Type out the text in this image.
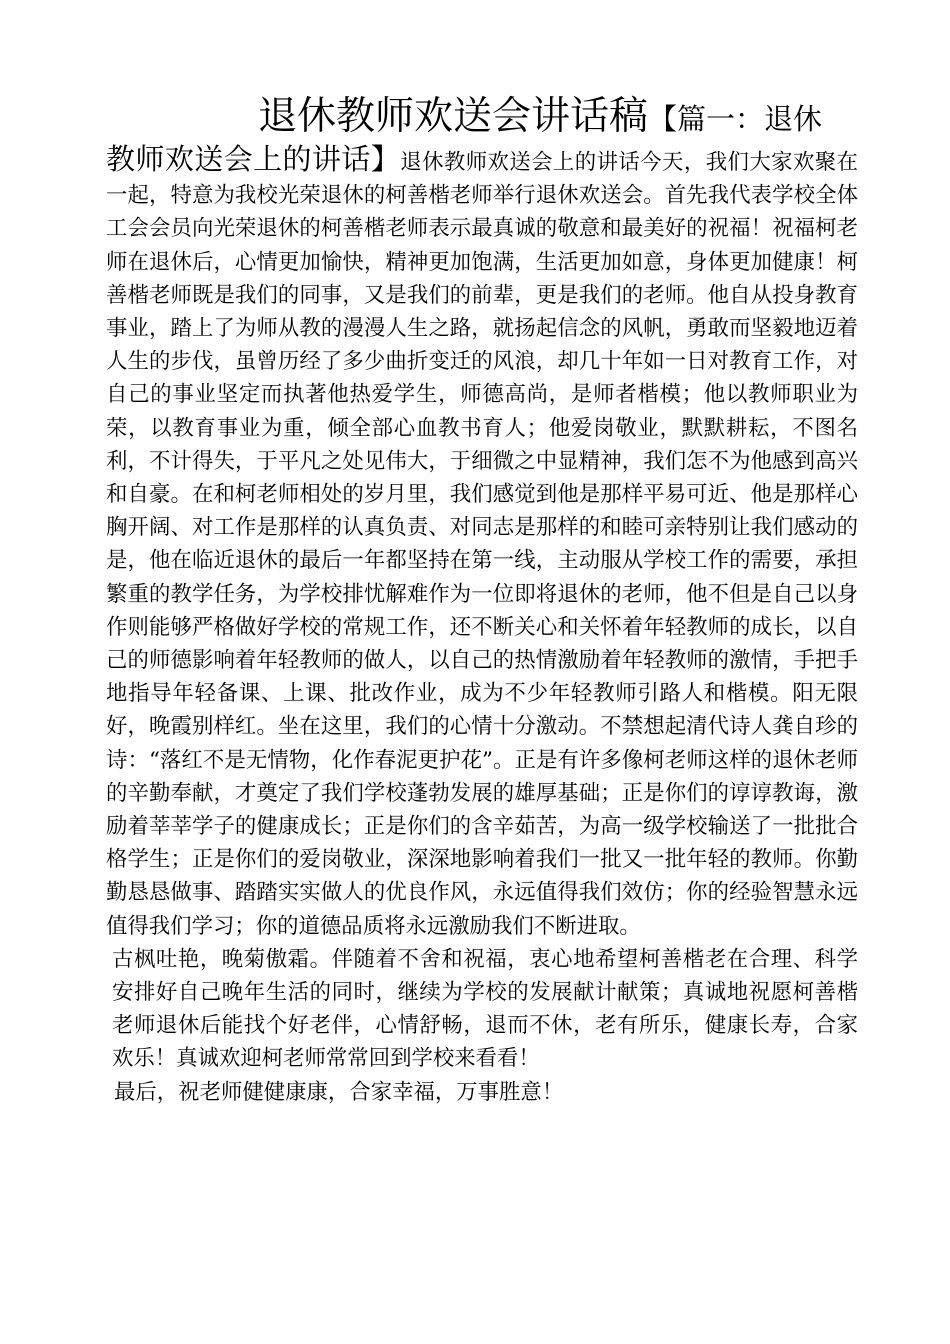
退休教师欢送会讲话稿【篇一：退休

教师欢送会上的讲话】退休教师欢送会上的讲话今天，我们大家欢聚在一起，特意为我校光荣退休的柯善楷老师举行退休欢送会。首先我代表学校全体工会会员向光荣退休的柯善楷老师表示最真诚的敬意和最美好的祝福！祝福柯老师在退休后，心情更加愉快，精神更加饱满，生活更加如意，身体更加健康！柯善楷老师既是我们的同事，又是我们的前辈，更是我们的老师。他自从投身教育事业，踏上了为师从教的漫漫人生之路，就扬起信念的风帆，勇敢而坚毅地迈着人生的步伐，虽曾历经了多少曲折变迁的风浪，却几十年如一日对教育工作，对自己的事业坚定而执著他热爱学生，师德高尚，是师者楷模；他以教师职业为荣，以教育事业为重，倾全部心血教书育人；他爱岗敬业，默默耕耘，不图名利，不计得失，于平凡之处见伟大，于细微之中显精神，我们怎不为他感到高兴和自豪。在和柯老师相处的岁月里，我们感觉到他是那样平易可近、他是那样心胸开阔、对工作是那样的认真负责、对同志是那样的和睦可亲特别让我们感动的是，他在临近退休的最后一年都坚持在第一线，主动服从学校工作的需要，承担繁重的教学任务，为学校排忧解难作为一位即将退休的老师，他不但是自己以身作则能够严格做好学校的常规工作，还不断关心和关怀着年轻教师的成长，以自己的师德影响着年轻教师的做人，以自己的热情激励着年轻教师的激情，手把手地指导年轻备课、上课、批改作业，成为不少年轻教师引路人和楷模。阳无限好，晚霞别样红。坐在这里，我们的心情十分激动。不禁想起清代诗人龚自珍的诗：“落红不是无情物，化作春泥更护花”。正是有许多像柯老师这样的退休老师的辛勤奉献，才奠定了我们学校蓬勃发展的雄厚基础；正是你们的谆谆教诲，激励着莘莘学子的健康成长；正是你们的含辛茹苦，为高一级学校输送了一批批合格学生；正是你们的爱岗敬业，深深地影响着我们一批又一批年轻的教师。你勤勤恳恳做事、踏踏实实做人的优良作风，永远值得我们效仿；你的经验智慧永远值得我们学习；你的道德品质将永远激励我们不断进取。

古枫吐艳，晚菊傲霜。伴随着不舍和祝福，衷心地希望柯善楷老在合理、科学安排好自己晚年生活的同时，继续为学校的发展献计献策；真诚地祝愿柯善楷老师退休后能找个好老伴，心情舒畅，退而不休，老有所乐，健康长寿，合家欢乐！真诚欢迎柯老师常常回到学校来看看！

最后，祝老师健健康康，合家幸福，万事胜意！
